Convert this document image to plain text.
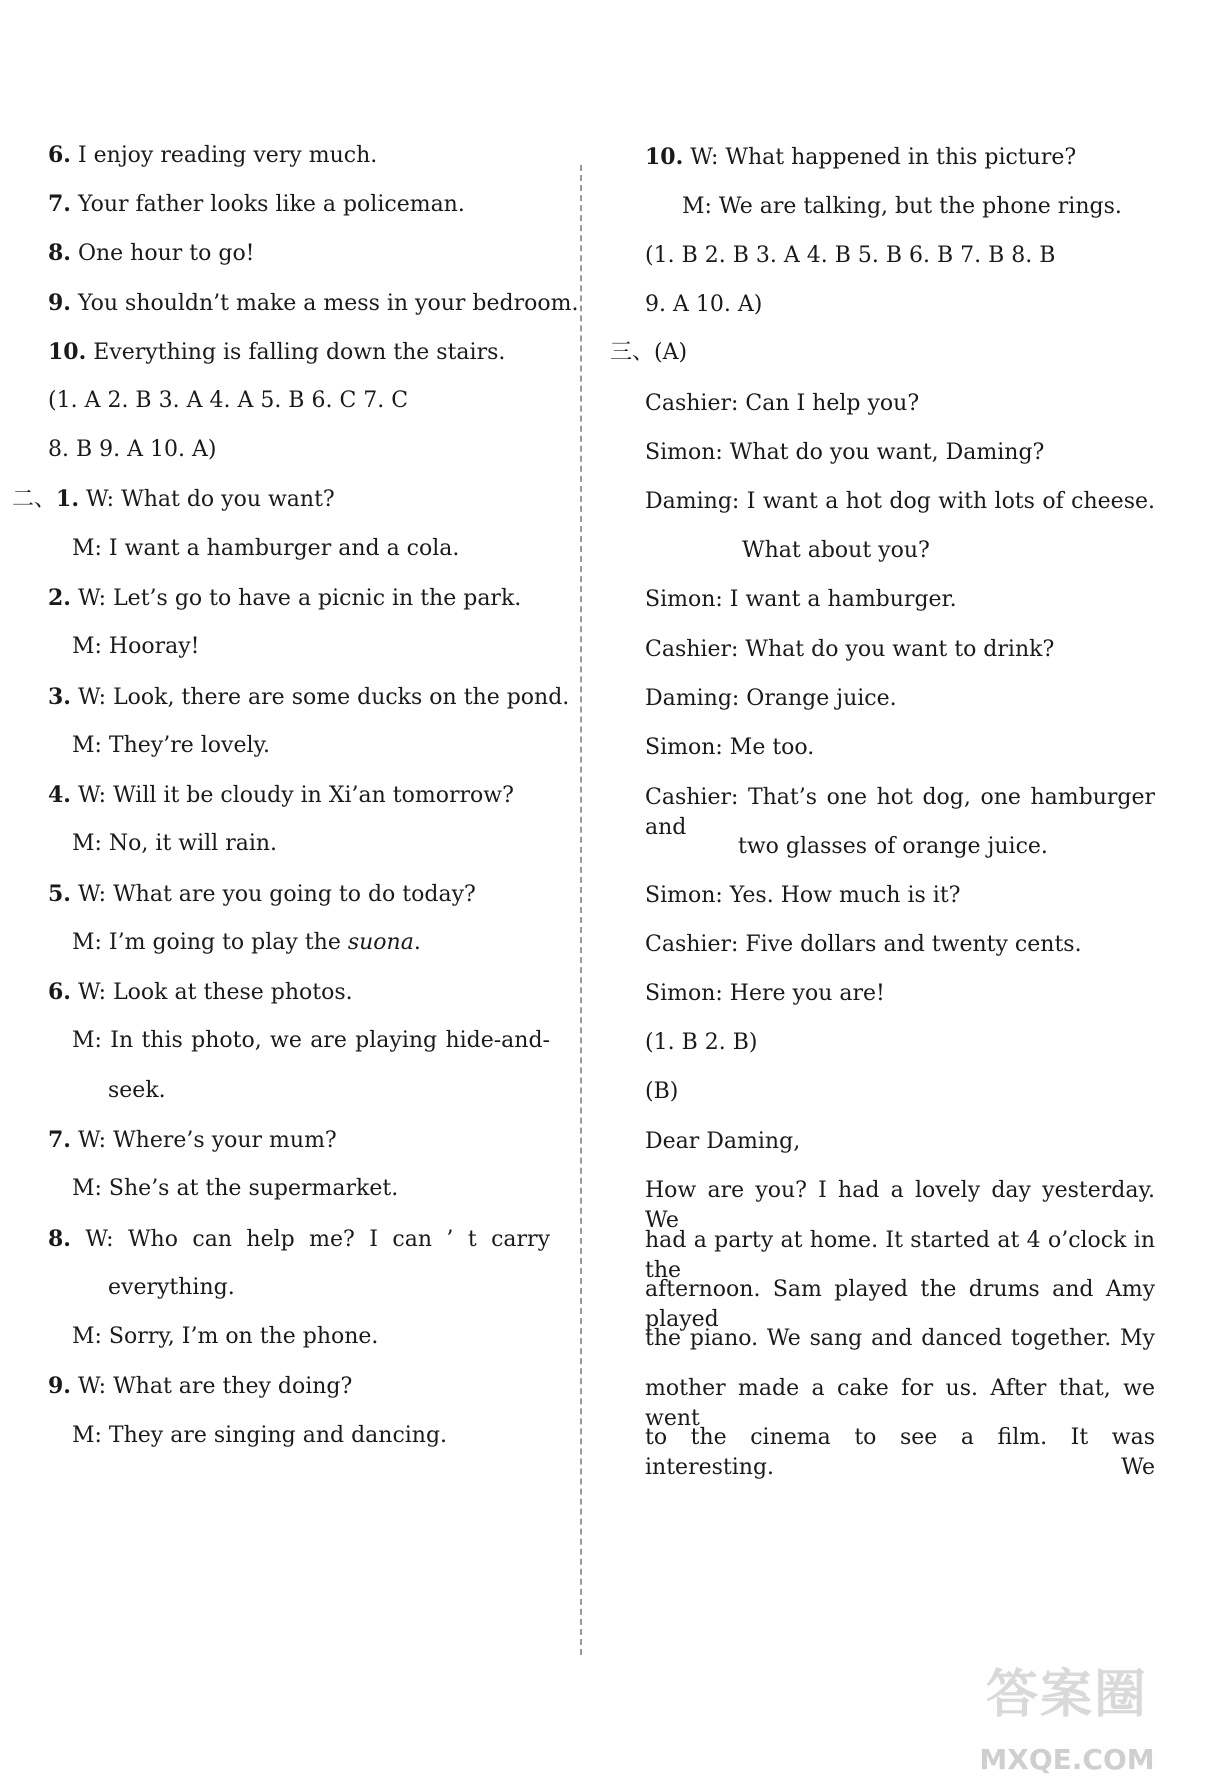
6. I enjoy reading very much.
7. Your father looks like a policeman.
8. One hour to go!
9. You shouldn’t make a mess in your bedroom.
10. Everything is falling down the stairs.
(1. A 2. B 3. A 4. A 5. B 6. C 7. C
8. B 9. A 10. A)
二、1. W: What do you want?
M: I want a hamburger and a cola.
2. W: Let’s go to have a picnic in the park.
M: Hooray!
3. W: Look, there are some ducks on the pond.
M: They’re lovely.
4. W: Will it be cloudy in Xi’an tomorrow?
M: No, it will rain.
5. W: What are you going to do today?
M: I’m going to play the suona.
6. W: Look at these photos.
M: In this photo, we are playing hide-and-
seek.
7. W: Where’s your mum?
M: She’s at the supermarket.
8. W: Who can help me? I can ’ t carry
everything.
M: Sorry, I’m on the phone.
9. W: What are they doing?
M: They are singing and dancing.
10. W: What happened in this picture?
M: We are talking, but the phone rings.
(1. B 2. B 3. A 4. B 5. B 6. B 7. B 8. B
9. A 10. A)
三、(A)
Cashier: Can I help you?
Simon: What do you want, Daming?
Daming: I want a hot dog with lots of cheese.
What about you?
Simon: I want a hamburger.
Cashier: What do you want to drink?
Daming: Orange juice.
Simon: Me too.
Cashier: That’s one hot dog, one hamburger and
two glasses of orange juice.
Simon: Yes. How much is it?
Cashier: Five dollars and twenty cents.
Simon: Here you are!
(1. B 2. B)
(B)
Dear Daming,
How are you? I had a lovely day yesterday. We
had a party at home. It started at 4 o’clock in the
afternoon. Sam played the drums and Amy played
the piano. We sang and danced together. My
mother made a cake for us. After that, we went
to the cinema to see a film. It was interesting. We
答案圈
MXQE.COM
